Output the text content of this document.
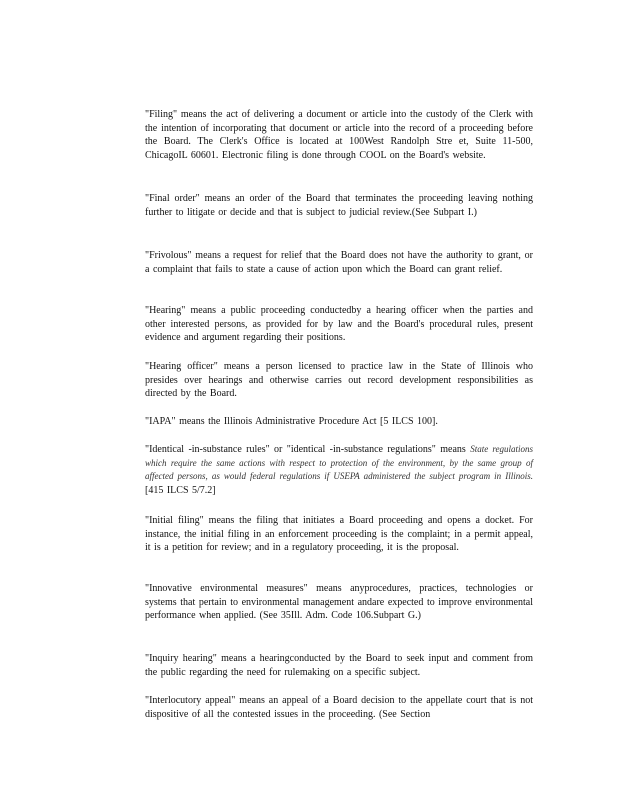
"Filing" means the act of delivering a document or article into the custody of the Clerk with the intention of incorporating that document or article into the record of a proceeding before the Board. The Clerk's Office is located at 100West Randolph Stre et, Suite 11-500, ChicagoIL 60601. Electronic filing is done through COOL on the Board's website.

"Final order" means an order of the Board that terminates the proceeding leaving nothing further to litigate or decide and that is subject to judicial review.(See Subpart I.)

"Frivolous" means a request for relief that the Board does not have the authority to grant, or a complaint that fails to state a cause of action upon which the Board can grant relief.

"Hearing" means a public proceeding conductedby a hearing officer when the parties and other interested persons, as provided for by law and the Board's procedural rules, present evidence and argument regarding their positions.

"Hearing officer" means a person licensed to practice law in the State of Illinois who presides over hearings and otherwise carries out record development responsibilities as directed by the Board.

"IAPA" means the Illinois Administrative Procedure Act [5 ILCS 100].

"Identical -in-substance rules" or "identical -in-substance regulations" means State regulations which require the same actions with respect to protection of the environment, by the same group of affected persons, as would federal regulations if USEPA administered the subject program in Illinois. [415 ILCS 5/7.2]

"Initial filing" means the filing that initiates a Board proceeding and opens a docket. For instance, the initial filing in an enforcement proceeding is the complaint; in a permit appeal, it is a petition for review; and in a regulatory proceeding, it is the proposal.

"Innovative environmental measures" means anyprocedures, practices, technologies or systems that pertain to environmental management andare expected to improve environmental performance when applied. (See 35Ill. Adm. Code 106.Subpart G.)

"Inquiry hearing" means a hearingconducted by the Board to seek input and comment from the public regarding the need for rulemaking on a specific subject.

"Interlocutory appeal" means an appeal of a Board decision to the appellate court that is not dispositive of all the contested issues in the proceeding. (See Section
